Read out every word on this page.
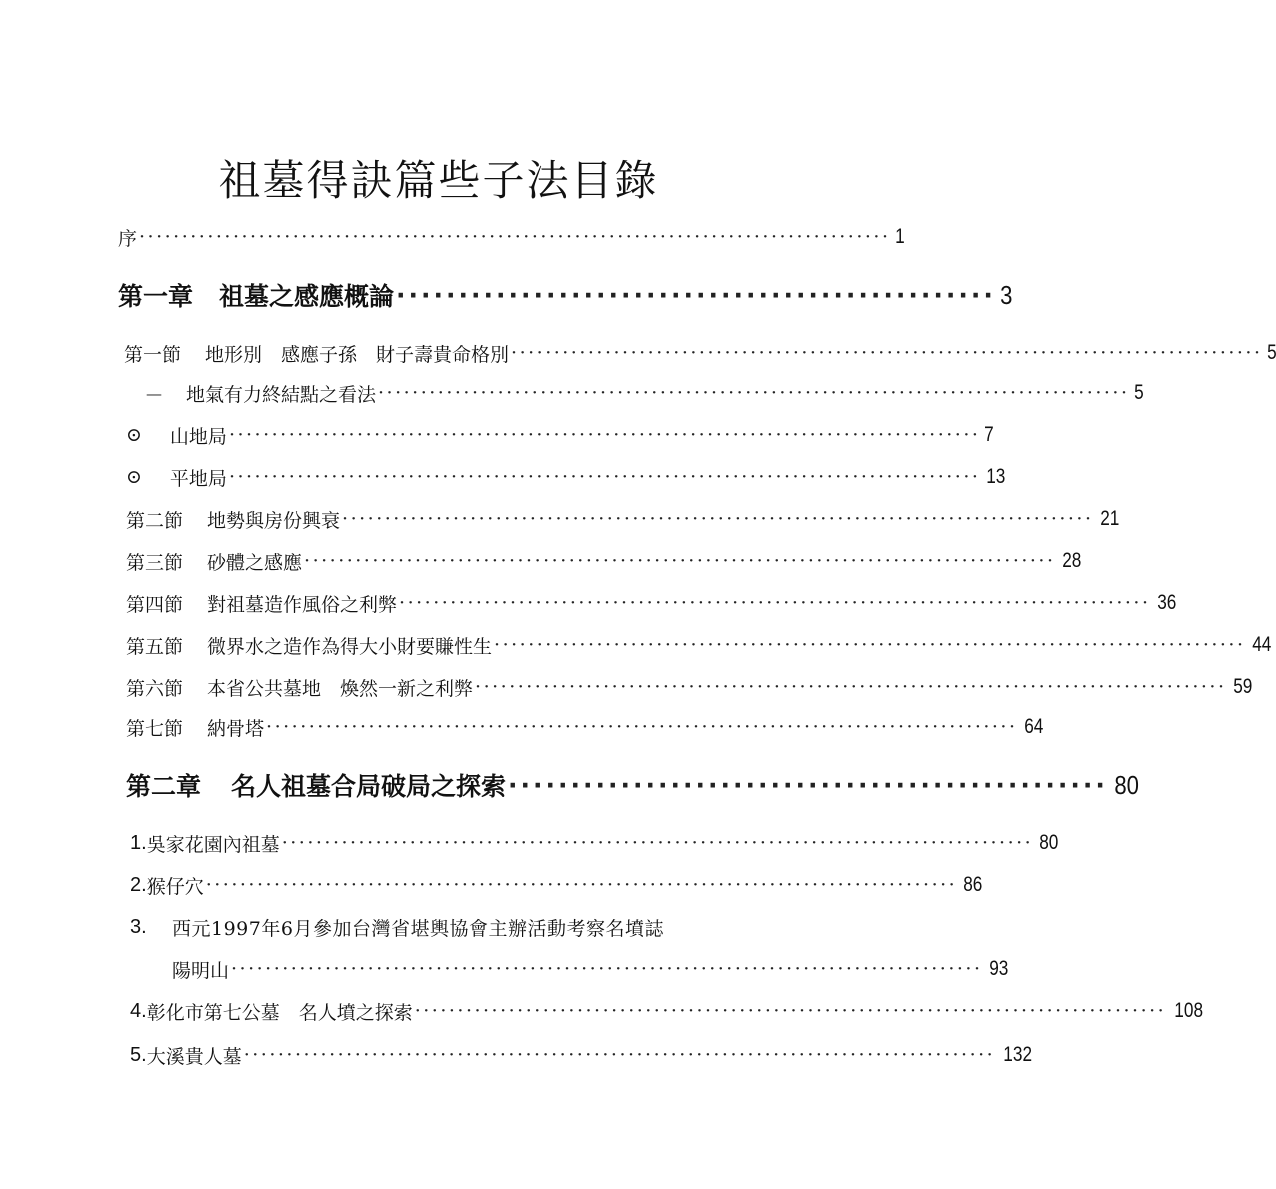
祖墓得訣篇些子法目錄
序 ························································································ 1
第一章 祖墓之感應概論 ················································ 3
第一節 地形別　感應子孫　財子壽貴命格別 ························································································ 5
— 地氣有力終結點之看法 ························································································ 5
⊙ 山地局 ························································································ 7
⊙ 平地局 ························································································ 13
第二節 地勢與房份興衰 ························································································ 21
第三節 砂體之感應 ························································································ 28
第四節 對祖墓造作風俗之利弊 ························································································ 36
第五節 微界水之造作為得大小財要賺性生 ························································································ 44
第六節 本省公共墓地　煥然一新之利弊 ························································································ 59
第七節 納骨塔 ························································································ 64
第二章 名人祖墓合局破局之探索 ················································ 80
1. 吳家花園內祖墓 ························································································ 80
2. 猴仔穴 ························································································ 86
3.	西元1997年6月參加台灣省堪輿協會主辦活動考察名墳誌
陽明山 ························································································ 93
4. 彰化市第七公墓　名人墳之探索 ························································································ 108
5. 大溪貴人墓 ························································································ 132
